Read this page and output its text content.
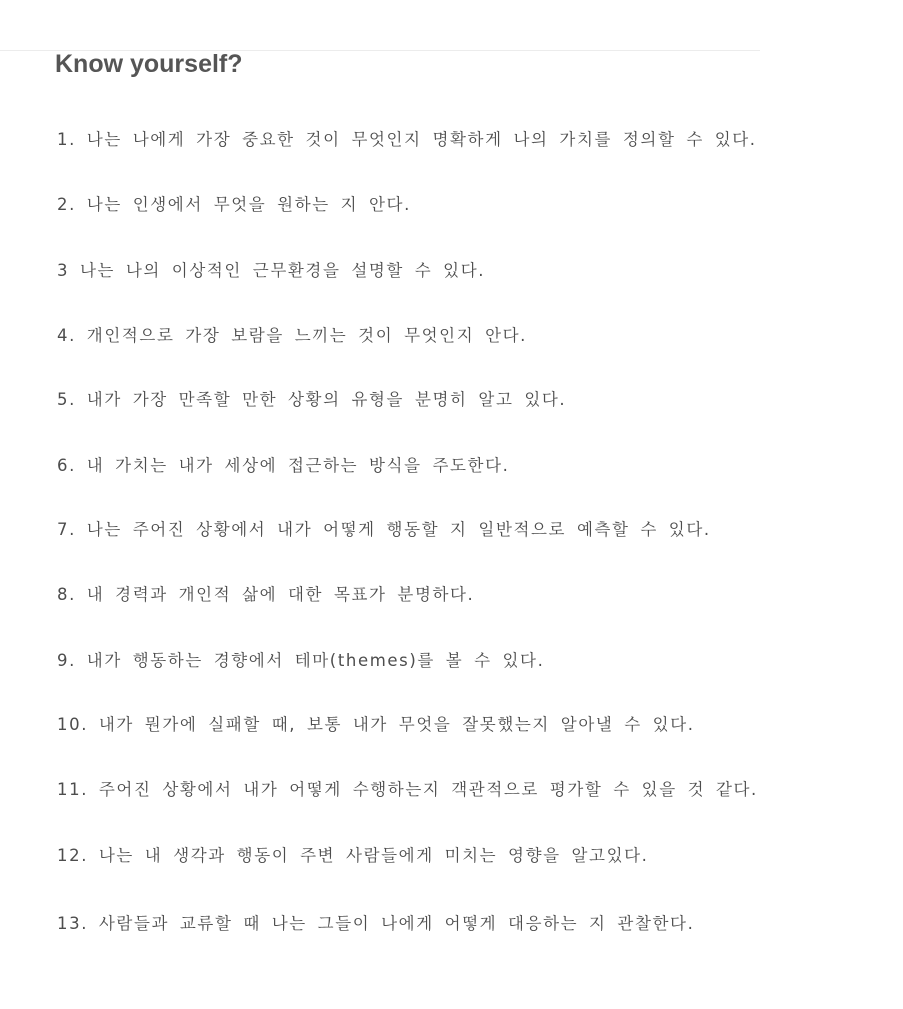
Know yourself?
1. 나는 나에게 가장 중요한 것이 무엇인지 명확하게 나의 가치를 정의할 수 있다.
2. 나는 인생에서 무엇을 원하는 지 안다.
3 나는 나의 이상적인 근무환경을 설명할 수 있다.
4. 개인적으로 가장 보람을 느끼는 것이 무엇인지 안다.
5. 내가 가장 만족할 만한 상황의 유형을 분명히 알고 있다.
6. 내 가치는 내가 세상에 접근하는 방식을 주도한다.
7. 나는 주어진 상황에서 내가 어떻게 행동할 지 일반적으로 예측할 수 있다.
8. 내 경력과 개인적 삶에 대한 목표가 분명하다.
9. 내가 행동하는 경향에서 테마(themes)를 볼 수 있다.
10. 내가 뭔가에 실패할 때, 보통 내가 무엇을 잘못했는지 알아낼 수 있다.
11. 주어진 상황에서 내가 어떻게 수행하는지 객관적으로 평가할 수 있을 것 같다.
12. 나는 내 생각과 행동이 주변 사람들에게 미치는 영향을 알고있다.
13. 사람들과 교류할 때 나는 그들이 나에게 어떻게 대응하는 지 관찰한다.
